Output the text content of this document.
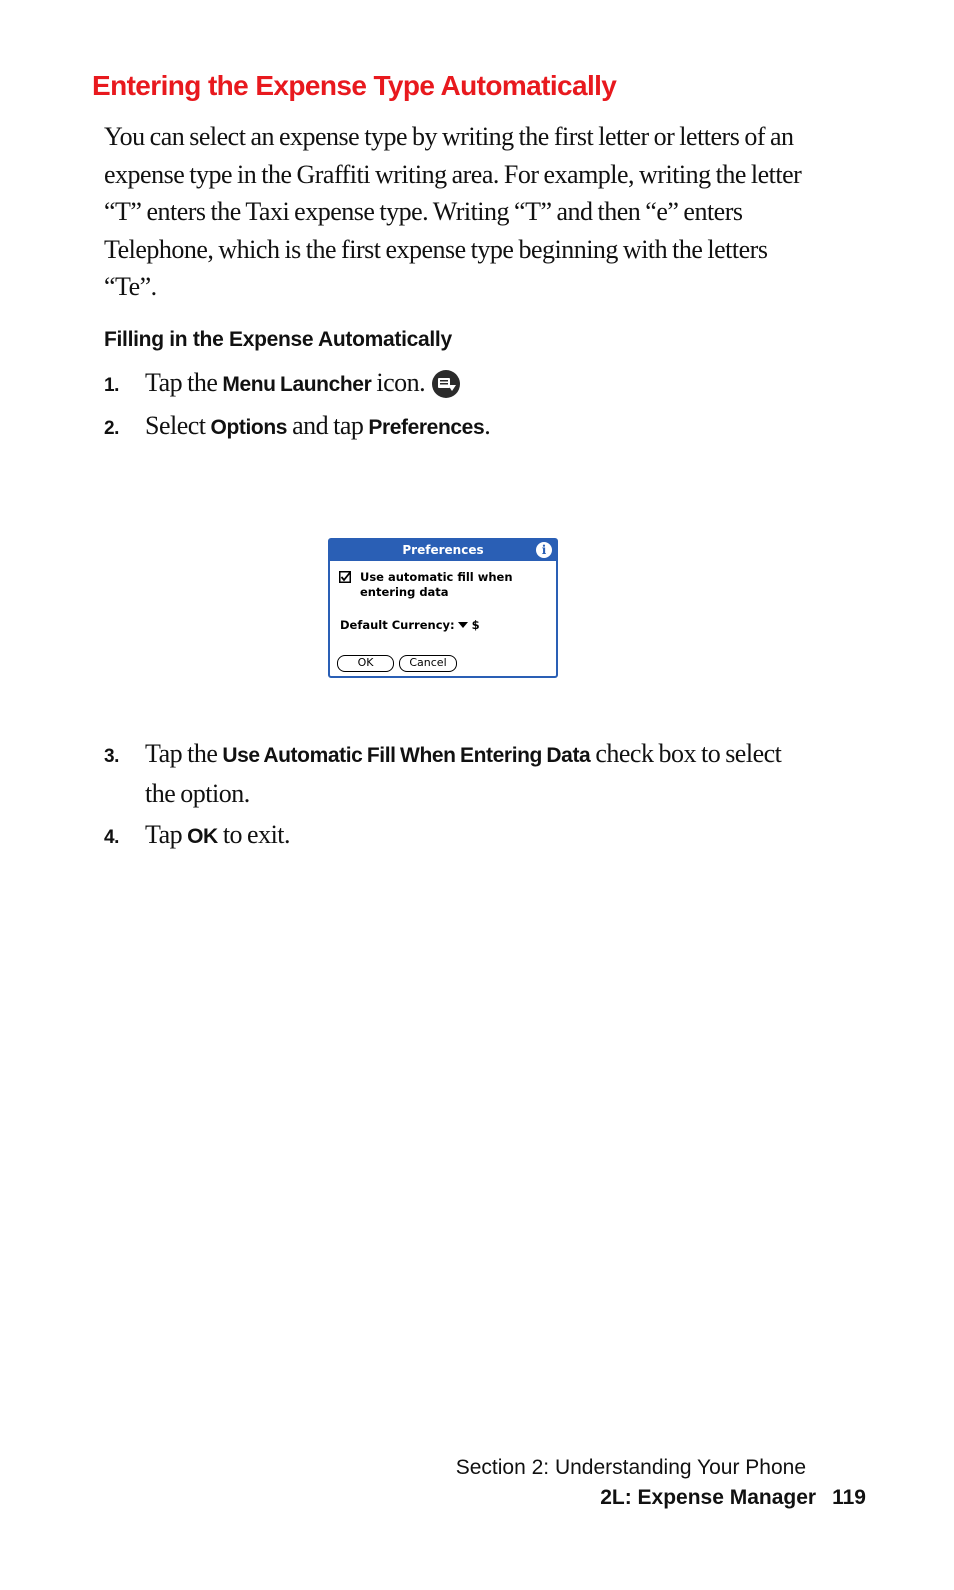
Entering the Expense Type Automatically

You can select an expense type by writing the first letter or letters of an expense type in the Graffiti writing area. For example, writing the letter “T” enters the Taxi expense type. Writing “T” and then “e” enters Telephone, which is the first expense type beginning with the letters “Te”.

Filling in the Expense Automatically
1. Tap the Menu Launcher icon.
2. Select Options and tap Preferences.
Preferences	i
Use automatic fill when entering data
Default Currency: $
OK	Cancel
3. Tap the Use Automatic Fill When Entering Data check box to select the option.
4. Tap OK to exit.
Section 2: Understanding Your Phone
2L: Expense Manager 119
